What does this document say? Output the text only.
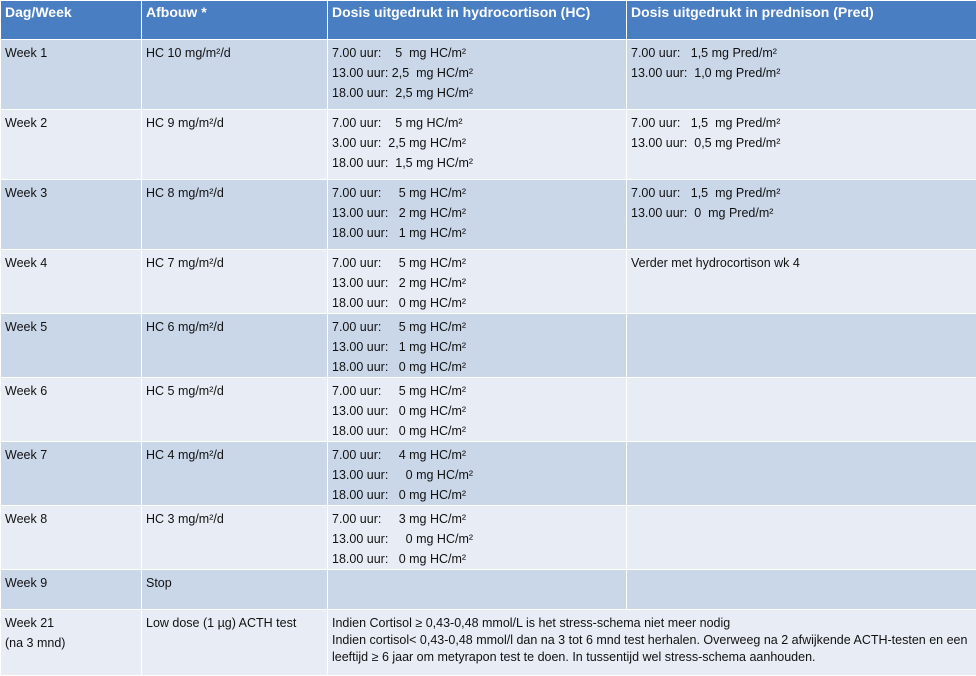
Dag/Week	Afbouw *	Dosis uitgedrukt in hydrocortison (HC)	Dosis uitgedrukt in prednison (Pred)
Week 1	HC 10 mg/m²/d	7.00 uur:    5  mg HC/m²
13.00 uur: 2,5  mg HC/m²
18.00 uur:  2,5 mg HC/m²	7.00 uur:   1,5 mg Pred/m²
13.00 uur:  1,0 mg Pred/m²

Week 2	HC 9 mg/m²/d	7.00 uur:    5 mg HC/m²
3.00 uur:  2,5 mg HC/m²
18.00 uur:  1,5 mg HC/m²	7.00 uur:   1,5  mg Pred/m²
13.00 uur:  0,5 mg Pred/m²

Week 3	HC 8 mg/m²/d	7.00 uur:     5 mg HC/m²
13.00 uur:   2 mg HC/m²
18.00 uur:   1 mg HC/m²	7.00 uur:   1,5  mg Pred/m²
13.00 uur:  0  mg Pred/m²

Week 4	HC 7 mg/m²/d	7.00 uur:     5 mg HC/m²
13.00 uur:   2 mg HC/m²
18.00 uur:   0 mg HC/m²	Verder met hydrocortison wk 4

Week 5	HC 6 mg/m²/d	7.00 uur:     5 mg HC/m²
13.00 uur:   1 mg HC/m²
18.00 uur:   0 mg HC/m²	

Week 6	HC 5 mg/m²/d	7.00 uur:     5 mg HC/m²
13.00 uur:   0 mg HC/m²
18.00 uur:   0 mg HC/m²	

Week 7	HC 4 mg/m²/d	7.00 uur:     4 mg HC/m²
13.00 uur:     0 mg HC/m²
18.00 uur:   0 mg HC/m²	

Week 8	HC 3 mg/m²/d	7.00 uur:     3 mg HC/m²
13.00 uur:     0 mg HC/m²
18.00 uur:   0 mg HC/m²	

Week 9	Stop		
Week 21
(na 3 mnd)	Low dose (1 µg) ACTH test	Indien Cortisol ≥ 0,43-0,48 mmol/L is het stress-schema niet meer nodig
Indien cortisol< 0,43-0,48 mmol/l dan na 3 tot 6 mnd test herhalen. Overweeg na 2 afwijkende ACTH-testen en een leeftijd ≥ 6 jaar om metyrapon test te doen. In tussentijd wel stress-schema aanhouden.	
